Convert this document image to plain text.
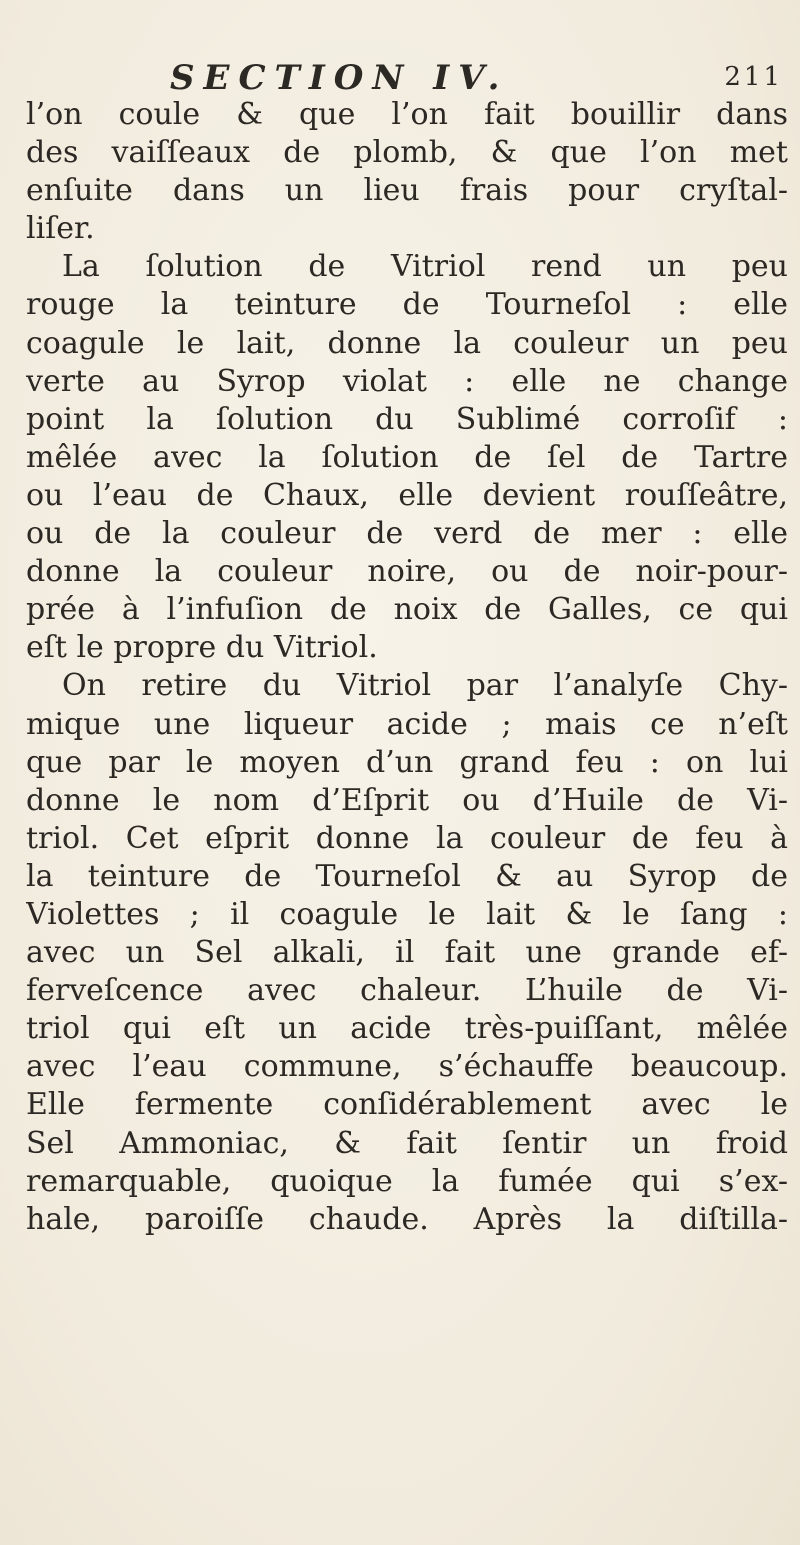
SECTION IV.	211
l’on coule & que l’on fait bouillir dans
des vaiſſeaux de plomb, & que l’on met
enſuite dans un lieu frais pour cryſtal-
liſer.
La ſolution de Vitriol rend un peu
rouge la teinture de Tourneſol : elle
coagule le lait, donne la couleur un peu
verte au Syrop violat : elle ne change
point la ſolution du Sublimé corroſif :
mêlée avec la ſolution de ſel de Tartre
ou l’eau de Chaux, elle devient rouſſeâtre,
ou de la couleur de verd de mer : elle
donne la couleur noire, ou de noir-pour-
prée à l’infuſion de noix de Galles, ce qui
eſt le propre du Vitriol.
On retire du Vitriol par l’analyſe Chy-
mique une liqueur acide ; mais ce n’eſt
que par le moyen d’un grand feu : on lui
donne le nom d’Eſprit ou d’Huile de Vi-
triol. Cet eſprit donne la couleur de feu à
la teinture de Tourneſol & au Syrop de
Violettes ; il coagule le lait & le ſang :
avec un Sel alkali, il fait une grande ef-
ferveſcence avec chaleur. L’huile de Vi-
triol qui eſt un acide très-puiſſant, mêlée
avec l’eau commune, s’échauffe beaucoup.
Elle fermente conſidérablement avec le
Sel Ammoniac, & fait ſentir un froid
remarquable, quoique la fumée qui s’ex-
hale, paroiſſe chaude. Après la diſtilla-
